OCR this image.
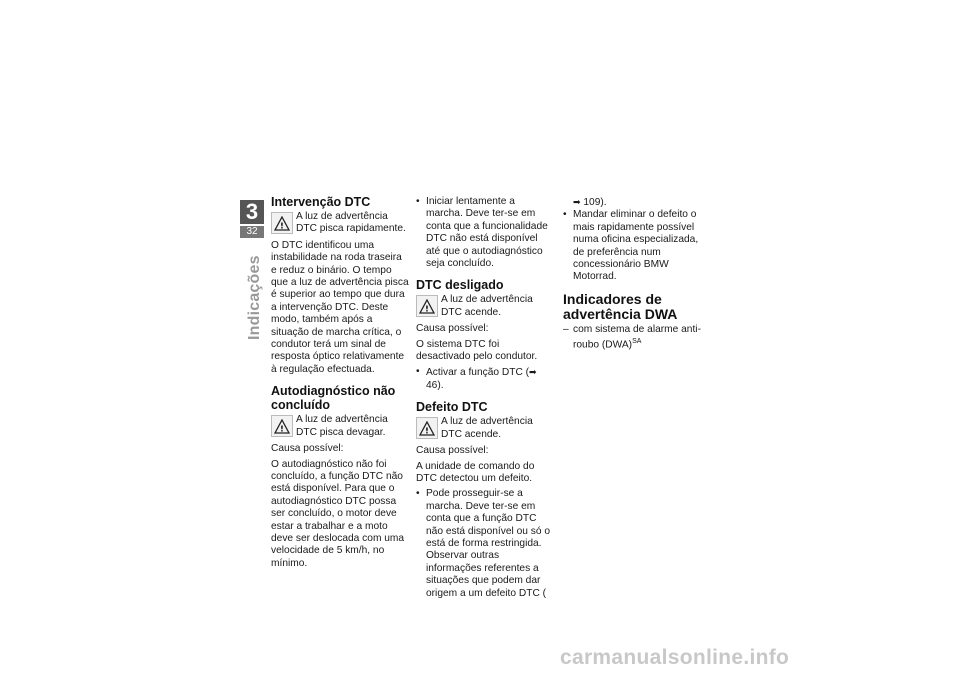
3
32
Indicações
Intervenção DTC
!
A luz de advertência DTC pisca rapidamente.

O DTC identificou uma instabilidade na roda traseira e reduz o binário. O tempo que a luz de advertência pisca é superior ao tempo que dura a intervenção DTC. Deste modo, também após a situação de marcha crítica, o condutor terá um sinal de resposta óptico relativamente à regulação efectuada.

Autodiagnóstico não concluído
!
A luz de advertência DTC pisca devagar.

Causa possível:

O autodiagnóstico não foi concluído, a função DTC não está disponível. Para que o autodiagnóstico DTC possa ser concluído, o motor deve estar a trabalhar e a moto deve ser deslocada com uma velocidade de 5 km/h, no mínimo.

• Iniciar lentamente a marcha. Deve ter-se em conta que a funcionalidade DTC não está disponível até que o autodiagnóstico seja concluído.
DTC desligado
!
A luz de advertência DTC acende.

Causa possível:

O sistema DTC foi desactivado pelo condutor.

• Activar a função DTC (➡ 46).
Defeito DTC
!
A luz de advertência DTC acende.

Causa possível:

A unidade de comando do DTC detectou um defeito.

• Pode prosseguir-se a marcha. Deve ter-se em conta que a função DTC não está disponível ou só o está de forma restringida. Observar outras informações referentes a situações que podem dar origem a um defeito DTC (
➡ 109).
• Mandar eliminar o defeito o mais rapidamente possível numa oficina especializada, de preferência num concessionário BMW Motorrad.
Indicadores de advertência DWA
– com sistema de alarme anti-roubo (DWA)$^{SA}$
carmanualsonline.info
